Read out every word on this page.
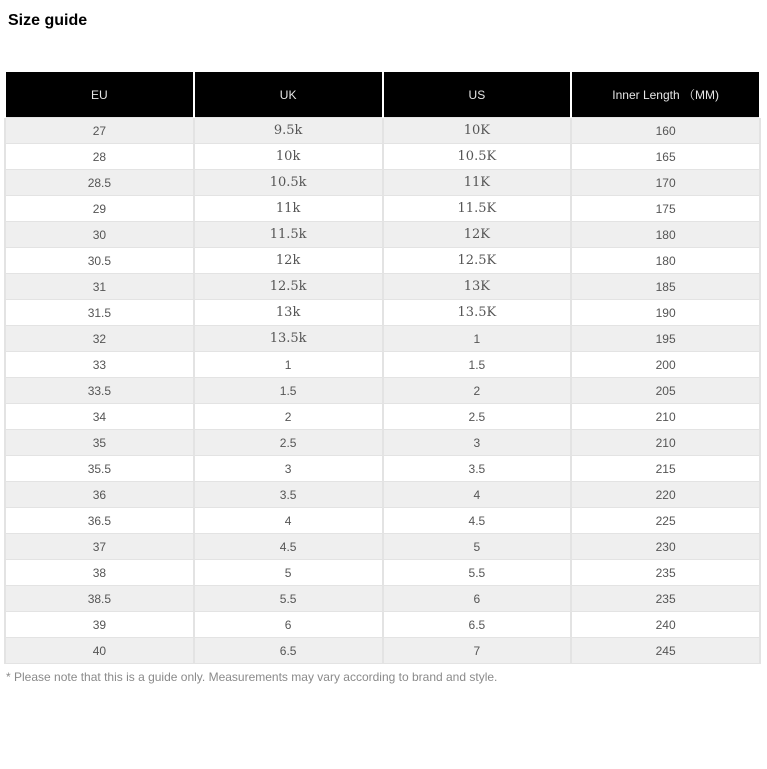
Size guide
EU	UK	US	Inner Length （MM)
27	9.5k	10K	160
28	10k	10.5K	165
28.5	10.5k	11K	170
29	11k	11.5K	175
30	11.5k	12K	180
30.5	12k	12.5K	180
31	12.5k	13K	185
31.5	13k	13.5K	190
32	13.5k	1	195
33	1	1.5	200
33.5	1.5	2	205
34	2	2.5	210
35	2.5	3	210
35.5	3	3.5	215
36	3.5	4	220
36.5	4	4.5	225
37	4.5	5	230
38	5	5.5	235
38.5	5.5	6	235
39	6	6.5	240
40	6.5	7	245
* Please note that this is a guide only. Measurements may vary according to brand and style.
